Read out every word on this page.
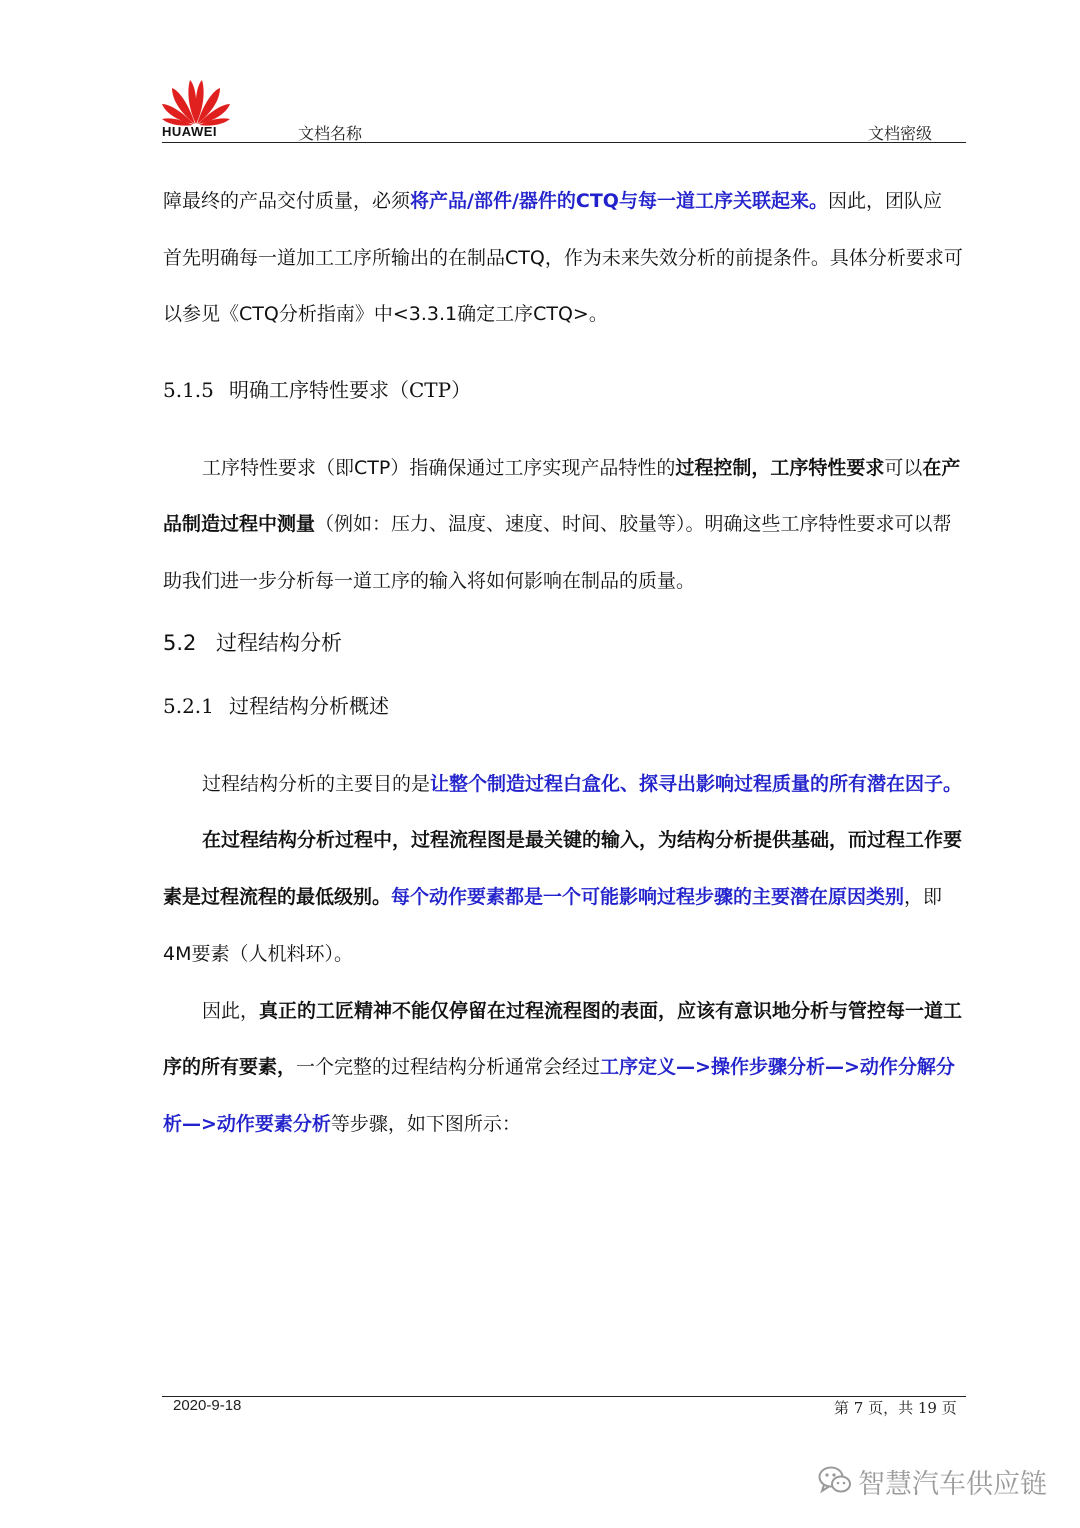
HUAWEI	文档名称	文档密级
障最终的产品交付质量，必须将产品/部件/器件的CTQ与每一道工序关联起来。因此，团队应
首先明确每一道加工工序所输出的在制品CTQ，作为未来失效分析的前提条件。具体分析要求可
以参见《CTQ分析指南》中<3.3.1确定工序CTQ>。
5.1.5 明确工序特性要求（CTP）
工序特性要求（即CTP）指确保通过工序实现产品特性的过程控制，工序特性要求可以在产
品制造过程中测量（例如：压力、温度、速度、时间、胶量等）。明确这些工序特性要求可以帮
助我们进一步分析每一道工序的输入将如何影响在制品的质量。
5.2 过程结构分析
5.2.1 过程结构分析概述
过程结构分析的主要目的是让整个制造过程白盒化、探寻出影响过程质量的所有潜在因子。
在过程结构分析过程中，过程流程图是最关键的输入，为结构分析提供基础，而过程工作要
素是过程流程的最低级别。每个动作要素都是一个可能影响过程步骤的主要潜在原因类别，即
4M要素（人机料环）。
因此，真正的工匠精神不能仅停留在过程流程图的表面，应该有意识地分析与管控每一道工
序的所有要素，一个完整的过程结构分析通常会经过工序定义—>操作步骤分析—>动作分解分
析—>动作要素分析等步骤，如下图所示：
2020-9-18	第 7 页，共 19 页
智慧汽车供应链
